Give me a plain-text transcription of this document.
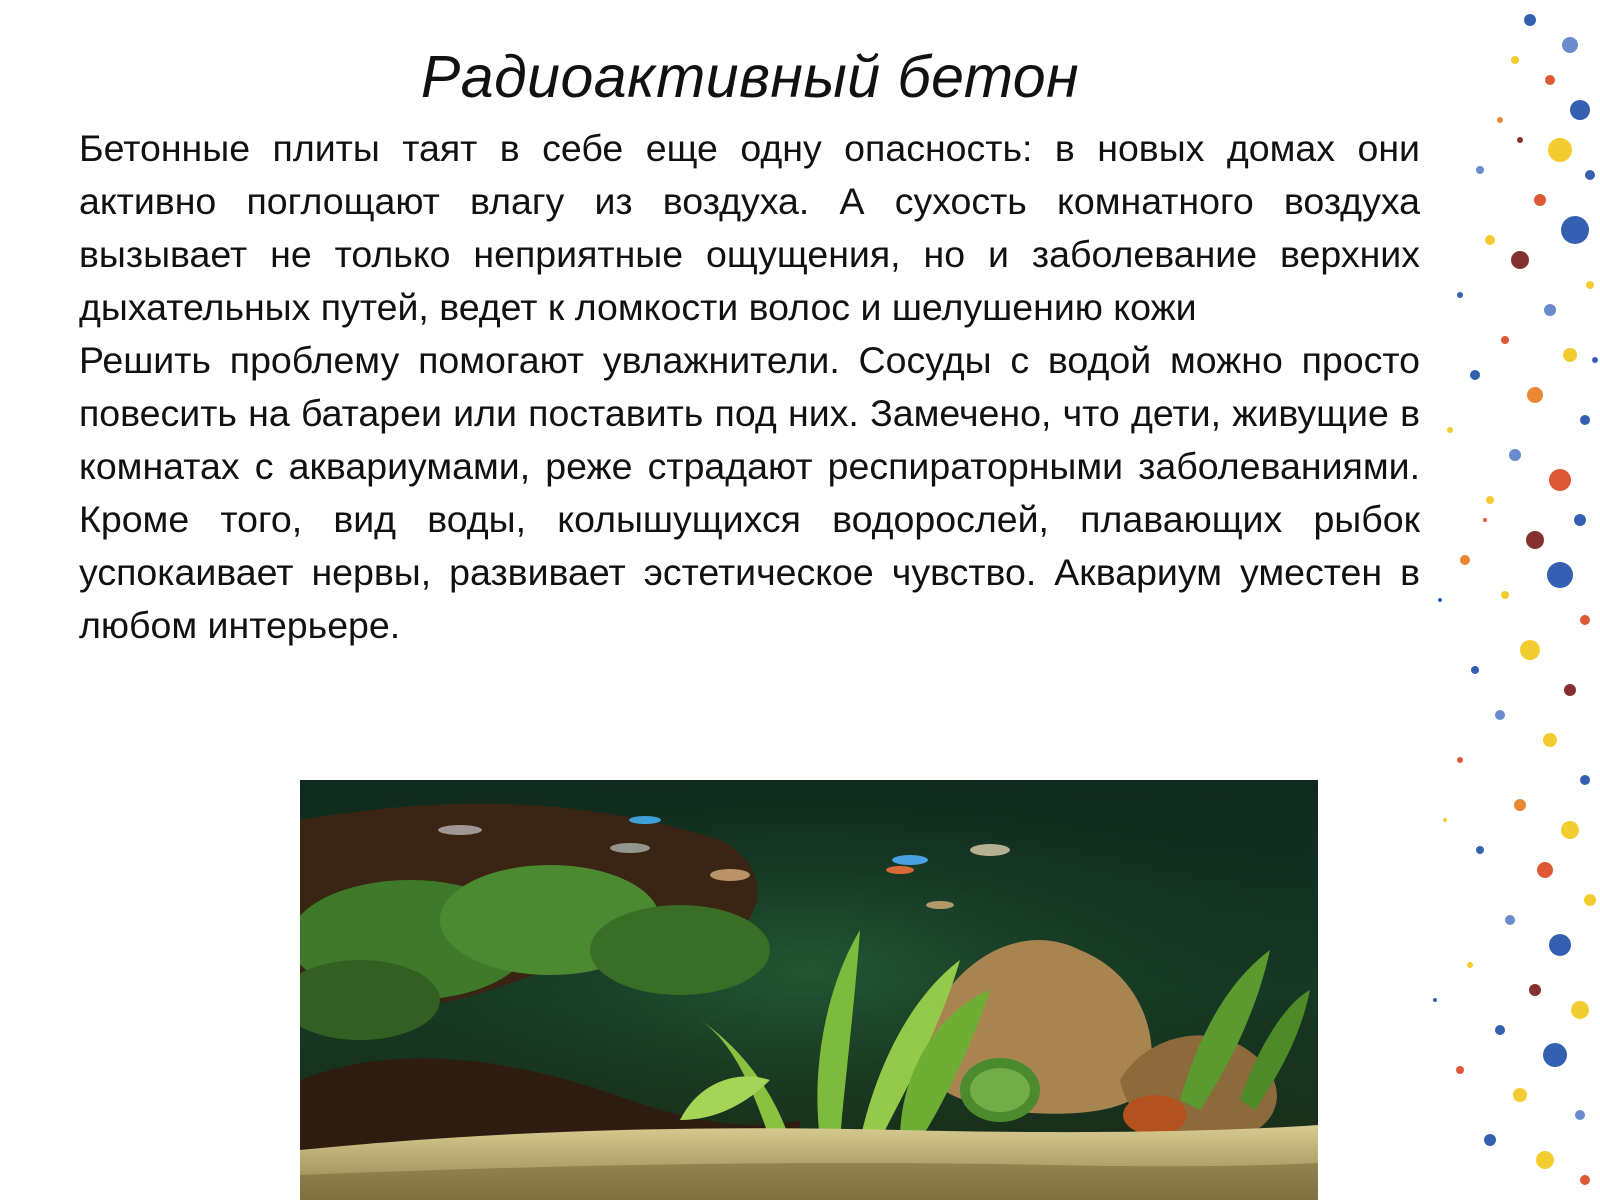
Радиоактивный бетон

Бетонные плиты таят в себе еще одну опасность: в новых домах они активно поглощают влагу из воздуха. А сухость комнатного воздуха вызывает не только неприятные ощущения, но и заболевание верхних дыхательных путей, ведет к ломкости волос и шелушению кожи

Решить проблему помогают увлажнители. Сосуды с водой можно просто повесить на батареи или поставить под них. Замечено, что дети, живущие в комнатах с аквариумами, реже страдают респираторными заболеваниями. Кроме того, вид воды, колышущихся водорослей, плавающих рыбок успокаивает нервы, развивает эстетическое чувство. Аквариум уместен в любом интерьере.
